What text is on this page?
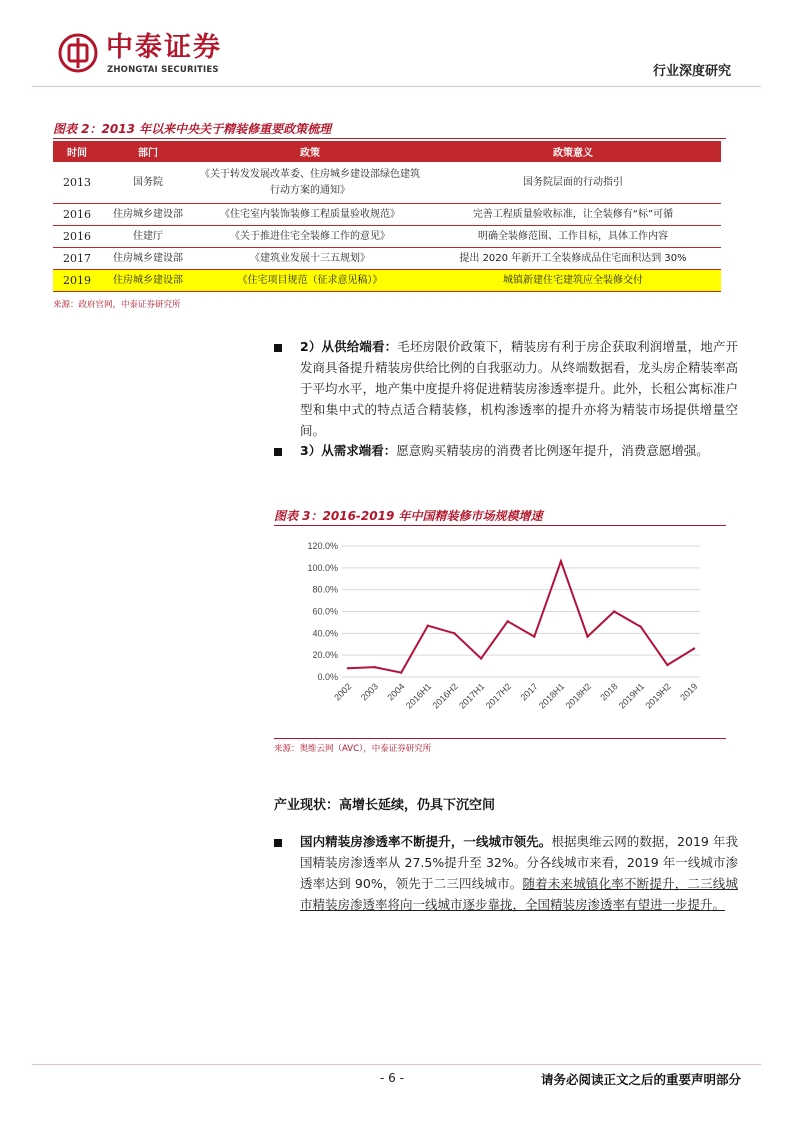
中泰证券
ZHONGTAI SECURITIES	行业深度研究
图表 2：2013 年以来中央关于精装修重要政策梳理
时间	部门	政策	政策意义
2013	国务院	《关于转发发展改革委、住房城乡建设部绿色建筑行动方案的通知》	国务院层面的行动指引
2016	住房城乡建设部	《住宅室内装饰装修工程质量验收规范》	完善工程质量验收标准，让全装修有“标”可循
2016	住建厅	《关于推进住宅全装修工作的意见》	明确全装修范围、工作目标，具体工作内容
2017	住房城乡建设部	《建筑业发展十三五规划》	提出 2020 年新开工全装修成品住宅面积达到 30%
2019	住房城乡建设部	《住宅项目规范（征求意见稿）》	城镇新建住宅建筑应全装修交付
来源：政府官网，中泰证券研究所
2）从供给端看：毛坯房限价政策下，精装房有利于房企获取利润增量，地产开发商具备提升精装房供给比例的自我驱动力。从终端数据看，龙头房企精装率高于平均水平，地产集中度提升将促进精装房渗透率提升。此外，长租公寓标准户型和集中式的特点适合精装修，机构渗透率的提升亦将为精装市场提供增量空间。
3）从需求端看：愿意购买精装房的消费者比例逐年提升，消费意愿增强。
图表 3：2016-2019 年中国精装修市场规模增速
0.0%
20.0%
40.0%
60.0%
80.0%
100.0%
120.0%
2002 2003 2004
2016H1
2016H2
2017H1
2017H2 2017
2018H1
2018H2 2018
2019H1
2019H2 2019
来源：奥维云网（AVC），中泰证券研究所
产业现状：高增长延续，仍具下沉空间
国内精装房渗透率不断提升，一线城市领先。根据奥维云网的数据，2019 年我国精装房渗透率从 27.5%提升至 32%。分各线城市来看，2019 年一线城市渗透率达到 90%，领先于二三四线城市。随着未来城镇化率不断提升，二三线城市精装房渗透率将向一线城市逐步靠拢，全国精装房渗透率有望进一步提升。
- 6 -	请务必阅读正文之后的重要声明部分
